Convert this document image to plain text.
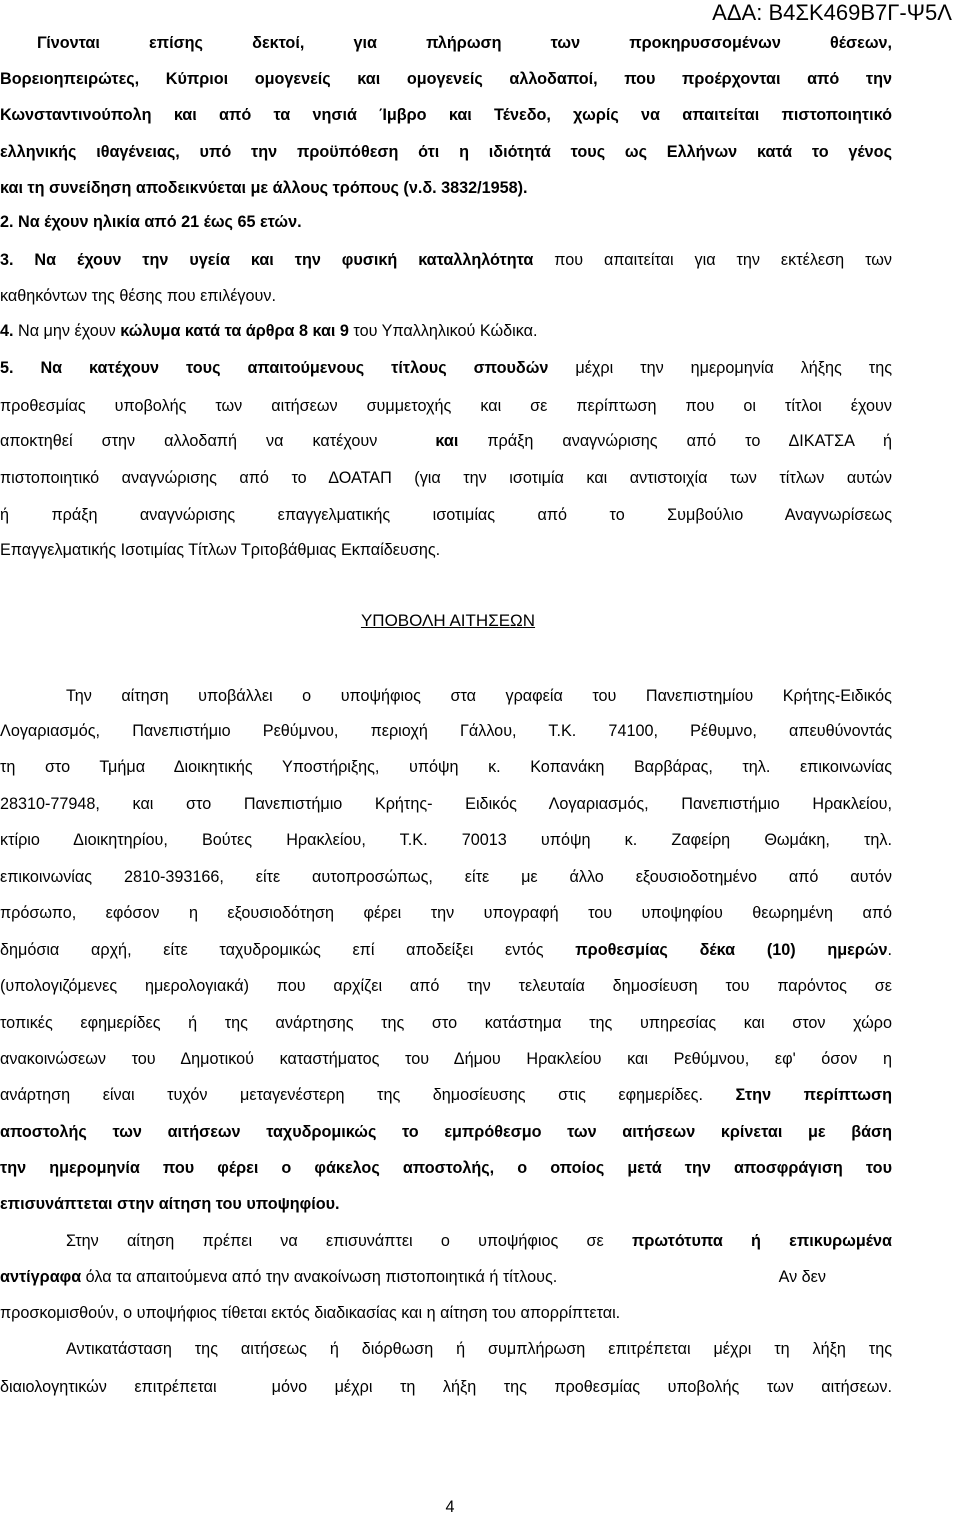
ΑΔΑ: Β4ΣΚ469Β7Γ-Ψ5Λ
Γίνονται επίσης δεκτοί, για πλήρωση των προκηρυσσομένων θέσεων,
Βορειοηπειρώτες, Κύπριοι ομογενείς και ομογενείς αλλοδαποί, που προέρχονται από την
Κωνσταντινούπολη και από τα νησιά Ίμβρο και Τένεδο, χωρίς να απαιτείται πιστοποιητικό
ελληνικής ιθαγένειας, υπό την προϋπόθεση ότι η ιδιότητά τους ως Ελλήνων κατά το γένος
και τη συνείδηση αποδεικνύεται με άλλους τρόπους (ν.δ. 3832/1958).
2. Να έχουν ηλικία από 21 έως 65 ετών.
3. Να έχουν την υγεία και την φυσική καταλληλότητα που απαιτείται για την εκτέλεση των
καθηκόντων της θέσης που επιλέγουν.
4. Να μην έχουν κώλυμα κατά τα άρθρα 8 και 9 του Υπαλληλικού Κώδικα.
5. Να κατέχουν τους απαιτούμενους τίτλους σπουδών μέχρι την ημερομηνία λήξης της
προθεσμίας υποβολής των αιτήσεων συμμετοχής και σε περίπτωση που οι τίτλοι έχουν
αποκτηθεί στην αλλοδαπή να κατέχουν  και πράξη αναγνώρισης από το ΔΙΚΑΤΣΑ ή
πιστοποιητικό αναγνώρισης από το ΔΟΑΤΑΠ (για την ισοτιμία και αντιστοιχία των τίτλων αυτών
ή πράξη αναγνώρισης επαγγελματικής ισοτιμίας από το Συμβούλιο Αναγνωρίσεως
Επαγγελματικής Ισοτιμίας Τίτλων Τριτοβάθμιας Εκπαίδευσης.
ΥΠΟΒΟΛΗ ΑΙΤΗΣΕΩΝ
Την αίτηση υποβάλλει ο υποψήφιος στα γραφεία του Πανεπιστημίου Κρήτης-Ειδικός
Λογαριασμός, Πανεπιστήμιο Ρεθύμνου, περιοχή Γάλλου, Τ.Κ. 74100, Ρέθυμνο, απευθύνοντάς
τη στο Τμήμα Διοικητικής Υποστήριξης, υπόψη κ. Κοπανάκη Βαρβάρας, τηλ. επικοινωνίας
28310-77948, και στο Πανεπιστήμιο Κρήτης- Ειδικός Λογαριασμός, Πανεπιστήμιο Ηρακλείου,
κτίριο Διοικητηρίου, Βούτες Ηρακλείου, Τ.Κ. 70013 υπόψη κ. Ζαφείρη Θωμάκη, τηλ.
επικοινωνίας 2810-393166, είτε αυτοπροσώπως, είτε με άλλο εξουσιοδοτημένο από αυτόν
πρόσωπο, εφόσον η εξουσιοδότηση φέρει την υπογραφή του υποψηφίου θεωρημένη από
δημόσια αρχή, είτε ταχυδρομικώς επί αποδείξει εντός προθεσμίας δέκα (10) ημερών.
(υπολογιζόμενες ημερολογιακά) που αρχίζει από την τελευταία δημοσίευση του παρόντος σε
τοπικές εφημερίδες ή της ανάρτησης της στο κατάστημα της υπηρεσίας και στον χώρο
ανακοινώσεων του Δημοτικού καταστήματος του Δήμου Ηρακλείου και Ρεθύμνου, εφ' όσον η
ανάρτηση είναι τυχόν μεταγενέστερη της δημοσίευσης στις εφημερίδες. Στην περίπτωση
αποστολής των αιτήσεων ταχυδρομικώς το εμπρόθεσμο των αιτήσεων κρίνεται με βάση
την ημερομηνία που φέρει ο φάκελος αποστολής, ο οποίος μετά την αποσφράγιση του
επισυνάπτεται στην αίτηση του υποψηφίου.
Στην αίτηση πρέπει να επισυνάπτει ο υποψήφιος σε πρωτότυπα ή επικυρωμένα
αντίγραφα όλα τα απαιτούμενα από την ανακοίνωση πιστοποιητικά ή τίτλους.	Αν δεν
προσκομισθούν, ο υποψήφιος τίθεται εκτός διαδικασίας και η αίτηση του απορρίπτεται.
Αντικατάσταση της αιτήσεως ή διόρθωση ή συμπλήρωση επιτρέπεται μέχρι τη λήξη της
διαιολογητικών επιτρέπεται	μόνο μέχρι τη λήξη της προθεσμίας υποβολής των αιτήσεων.
4
